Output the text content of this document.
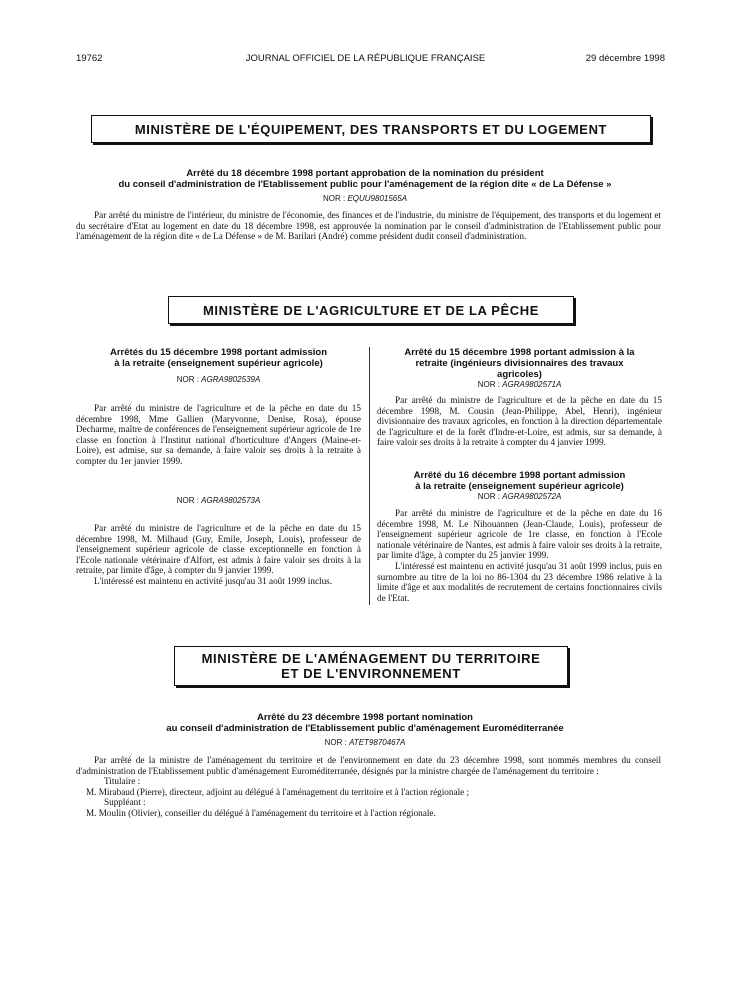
19762	JOURNAL OFFICIEL DE LA RÉPUBLIQUE FRANÇAISE	29 décembre 1998
MINISTÈRE DE L'ÉQUIPEMENT, DES TRANSPORTS ET DU LOGEMENT
Arrêté du 18 décembre 1998 portant approbation de la nomination du président
du conseil d'administration de l'Etablissement public pour l'aménagement de la région dite « de La Défense »
NOR : EQUU9801565A

Par arrêté du ministre de l'intérieur, du ministre de l'économie, des finances et de l'industrie, du ministre de l'équipement, des transports et du logement et du secrétaire d'Etat au logement en date du 18 décembre 1998, est approuvée la nomination par le conseil d'administration de l'Etablissement public pour l'aménagement de la région dite « de La Défense » de M. Barilari (André) comme président dudit conseil d'administration.

MINISTÈRE DE L'AGRICULTURE ET DE LA PÊCHE
Arrêtés du 15 décembre 1998 portant admission
à la retraite (enseignement supérieur agricole)
NOR : AGRA9802539A

Par arrêté du ministre de l'agriculture et de la pêche en date du 15 décembre 1998, Mme Gallien (Maryvonne, Denise, Rosa), épouse Decharme, maître de conférences de l'enseignement supérieur agricole de 1re classe en fonction à l'Institut national d'horticulture d'Angers (Maine-et-Loire), est admise, sur sa demande, à faire valoir ses droits à la retraite à compter du 1er janvier 1999.

NOR : AGRA9802573A

Par arrêté du ministre de l'agriculture et de la pêche en date du 15 décembre 1998, M. Milhaud (Guy, Emile, Joseph, Louis), professeur de l'enseignement supérieur agricole de classe exceptionnelle en fonction à l'Ecole nationale vétérinaire d'Alfort, est admis à faire valoir ses droits à la retraite, par limite d'âge, à compter du 9 janvier 1999.

L'intéressé est maintenu en activité jusqu'au 31 août 1999 inclus.

Arrêté du 15 décembre 1998 portant admission à la
retraite (ingénieurs divisionnaires des travaux
agricoles)
NOR : AGRA9802571A

Par arrêté du ministre de l'agriculture et de la pêche en date du 15 décembre 1998, M. Cousin (Jean-Philippe, Abel, Henri), ingénieur divisionnaire des travaux agricoles, en fonction à la direction départementale de l'agriculture et de la forêt d'Indre-et-Loire, est admis, sur sa demande, à faire valoir ses droits à la retraite à compter du 4 janvier 1999.

Arrêté du 16 décembre 1998 portant admission
à la retraite (enseignement supérieur agricole)
NOR : AGRA9802572A

Par arrêté du ministre de l'agriculture et de la pêche en date du 16 décembre 1998, M. Le Nihouannen (Jean-Claude, Louis), professeur de l'enseignement supérieur agricole de 1re classe, en fonction à l'Ecole nationale vétérinaire de Nantes, est admis à faire valoir ses droits à la retraite, par limite d'âge, à compter du 25 janvier 1999.

L'intéressé est maintenu en activité jusqu'au 31 août 1999 inclus, puis en surnombre au titre de la loi no 86-1304 du 23 décembre 1986 relative à la limite d'âge et aux modalités de recrutement de certains fonctionnaires civils de l'Etat.

MINISTÈRE DE L'AMÉNAGEMENT DU TERRITOIRE
ET DE L'ENVIRONNEMENT
Arrêté du 23 décembre 1998 portant nomination
au conseil d'administration de l'Etablissement public d'aménagement Euroméditerranée
NOR : ATET9870467A

Par arrêté de la ministre de l'aménagement du territoire et de l'environnement en date du 23 décembre 1998, sont nommés membres du conseil d'administration de l'Etablissement public d'aménagement Euroméditerranée, désignés par la ministre chargée de l'aménagement du territoire :

Titulaire :

M. Mirabaud (Pierre), directeur, adjoint au délégué à l'aménagement du territoire et à l'action régionale ;

Suppléant :

M. Moulin (Olivier), conseiller du délégué à l'aménagement du territoire et à l'action régionale.
